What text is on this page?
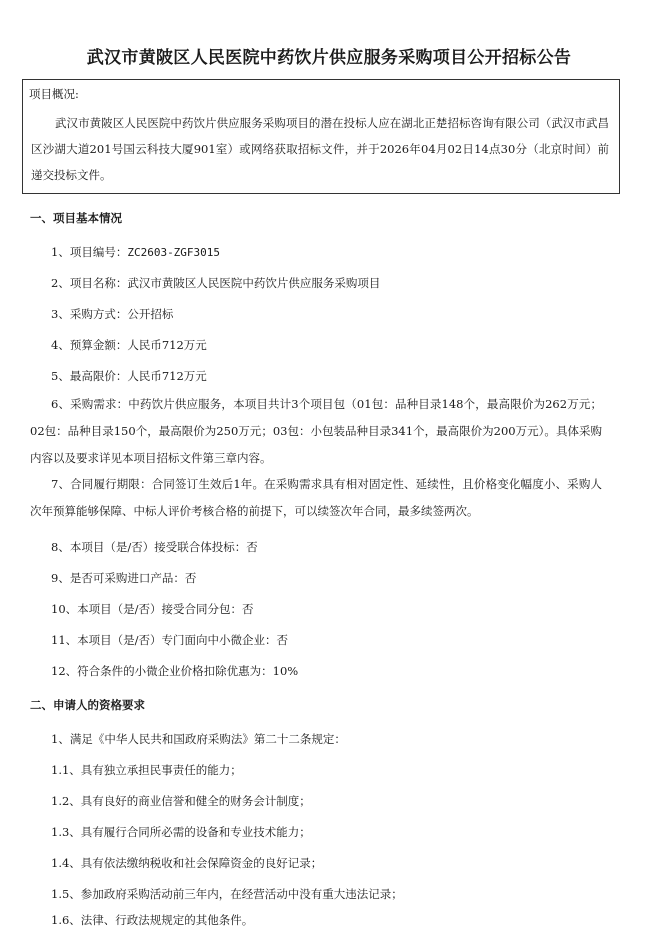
武汉市黄陂区人民医院中药饮片供应服务采购项目公开招标公告
项目概况:
武汉市黄陂区人民医院中药饮片供应服务采购项目的潜在投标人应在湖北正楚招标咨询有限公司（武汉市武昌区沙湖大道201号国云科技大厦901室）或网络获取招标文件，并于2026年04月02日14点30分（北京时间）前递交投标文件。
一、项目基本情况
1、项目编号：ZC2603-ZGF3015
2、项目名称：武汉市黄陂区人民医院中药饮片供应服务采购项目
3、采购方式：公开招标
4、预算金额：人民币712万元
5、最高限价：人民币712万元
6、采购需求：中药饮片供应服务，本项目共计3个项目包（01包：品种目录148个，最高限价为262万元；02包：品种目录150个，最高限价为250万元；03包：小包装品种目录341个，最高限价为200万元）。具体采购内容以及要求详见本项目招标文件第三章内容。
7、合同履行期限：合同签订生效后1年。在采购需求具有相对固定性、延续性，且价格变化幅度小、采购人次年预算能够保障、中标人评价考核合格的前提下，可以续签次年合同，最多续签两次。
8、本项目（是/否）接受联合体投标：否
9、是否可采购进口产品：否
10、本项目（是/否）接受合同分包：否
11、本项目（是/否）专门面向中小微企业：否
12、符合条件的小微企业价格扣除优惠为：10%
二、申请人的资格要求
1、满足《中华人民共和国政府采购法》第二十二条规定：
1.1、具有独立承担民事责任的能力；
1.2、具有良好的商业信誉和健全的财务会计制度；
1.3、具有履行合同所必需的设备和专业技术能力；
1.4、具有依法缴纳税收和社会保障资金的良好记录；
1.5、参加政府采购活动前三年内，在经营活动中没有重大违法记录；
1.6、法律、行政法规规定的其他条件。
